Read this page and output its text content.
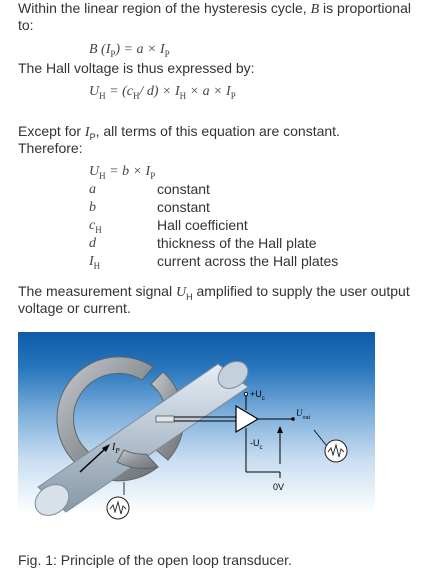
Within the linear region of the hysteresis cycle, B is proportional
to:
B $(I_P) = a \times I_P$
The Hall voltage is thus expressed by:
$U_H = (c_H/$ $d) \times I_H \times a \times I_P$
Except for $I_P$, all terms of this equation are constant.
Therefore:
$U_H = b \times I_P$
a	constant
b	constant
$c_H$	Hall coefficient
d	thickness of the Hall plate
$I_H$	current across the Hall plates
The measurement signal $U_H$ amplified to supply the user output
voltage or current.
$I_P$
$+U_c$
$-U_c$
$U_{out}$
0V
Fig. 1: Principle of the open loop transducer.
